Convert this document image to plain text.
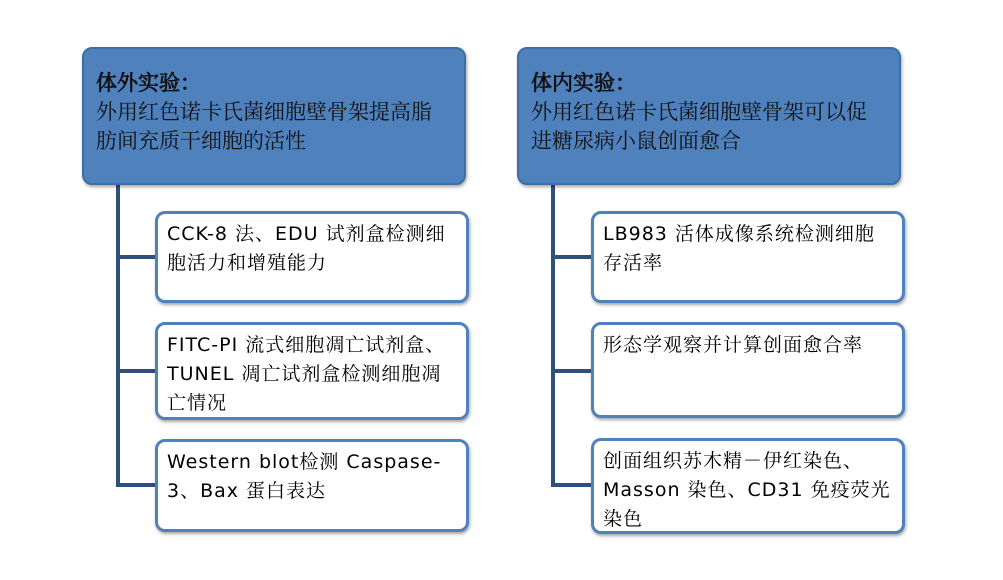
体外实验：
外用红色诺卡氏菌细胞壁骨架提高脂肪间充质干细胞的活性
体内实验：
外用红色诺卡氏菌细胞壁骨架可以促进糖尿病小鼠创面愈合
CCK-8 法、EDU 试剂盒检测细胞活力和增殖能力
FITC-PI 流式细胞凋亡试剂盒、TUNEL 凋亡试剂盒检测细胞凋亡情况
Western blot检测 Caspase-3、Bax 蛋白表达
LB983 活体成像系统检测细胞存活率
形态学观察并计算创面愈合率
创面组织苏木精－伊红染色、Masson 染色、CD31 免疫荧光染色
